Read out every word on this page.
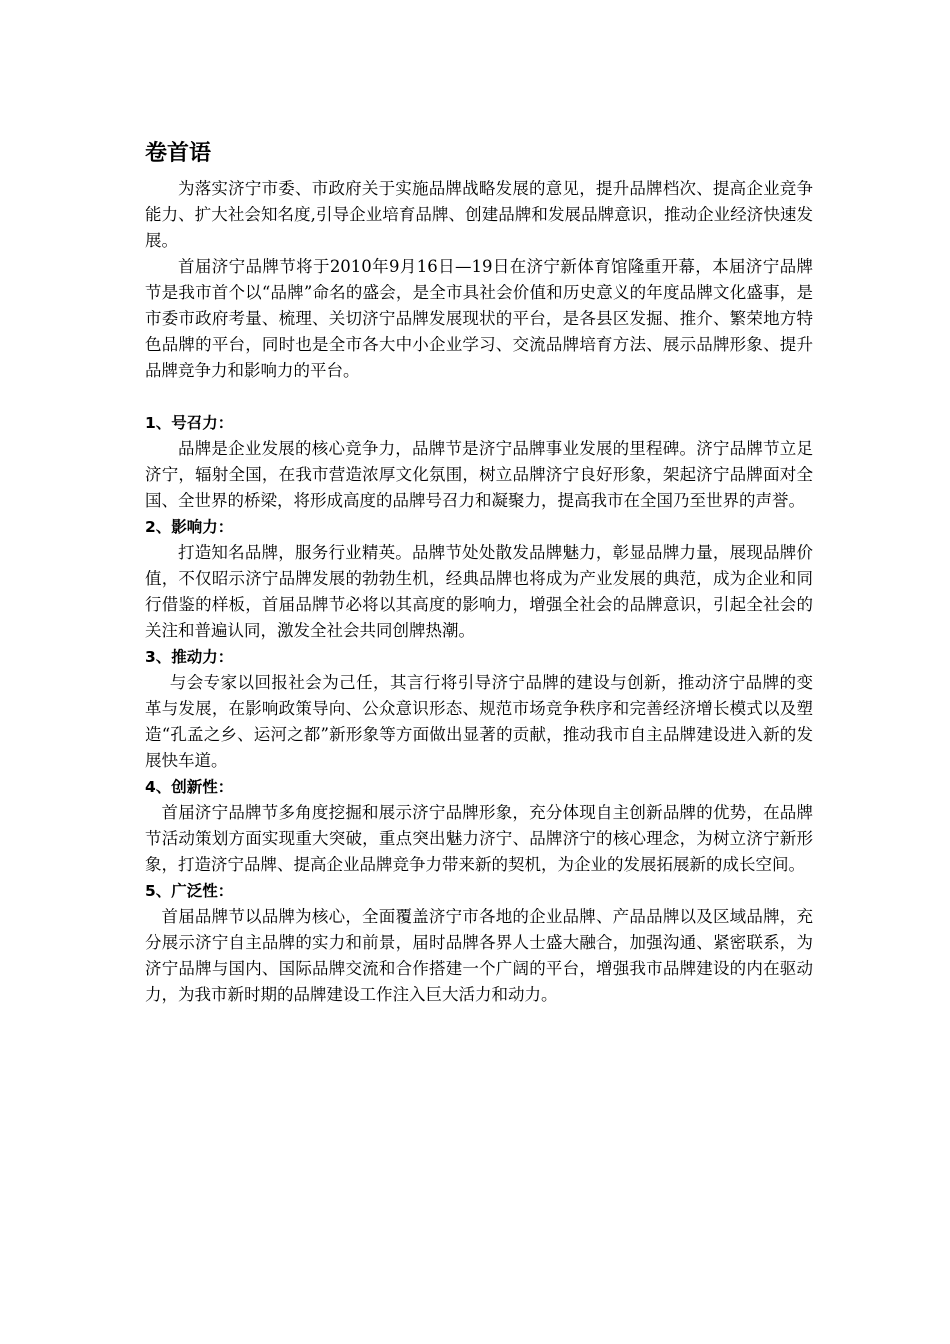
卷首语

为落实济宁市委、市政府关于实施品牌战略发展的意见，提升品牌档次、提高企业竞争能力、扩大社会知名度,引导企业培育品牌、创建品牌和发展品牌意识，推动企业经济快速发展。

首届济宁品牌节将于2010年9月16日—19日在济宁新体育馆隆重开幕，本届济宁品牌节是我市首个以“品牌”命名的盛会，是全市具社会价值和历史意义的年度品牌文化盛事，是市委市政府考量、梳理、关切济宁品牌发展现状的平台，是各县区发掘、推介、繁荣地方特色品牌的平台，同时也是全市各大中小企业学习、交流品牌培育方法、展示品牌形象、提升品牌竞争力和影响力的平台。

1、号召力：

品牌是企业发展的核心竞争力，品牌节是济宁品牌事业发展的里程碑。济宁品牌节立足济宁，辐射全国，在我市营造浓厚文化氛围，树立品牌济宁良好形象，架起济宁品牌面对全国、全世界的桥梁，将形成高度的品牌号召力和凝聚力，提高我市在全国乃至世界的声誉。

2、影响力：

打造知名品牌，服务行业精英。品牌节处处散发品牌魅力，彰显品牌力量，展现品牌价值，不仅昭示济宁品牌发展的勃勃生机，经典品牌也将成为产业发展的典范，成为企业和同行借鉴的样板，首届品牌节必将以其高度的影响力，增强全社会的品牌意识，引起全社会的关注和普遍认同，激发全社会共同创牌热潮。

3、推动力：

与会专家以回报社会为己任，其言行将引导济宁品牌的建设与创新，推动济宁品牌的变革与发展，在影响政策导向、公众意识形态、规范市场竞争秩序和完善经济增长模式以及塑造“孔孟之乡、运河之都”新形象等方面做出显著的贡献，推动我市自主品牌建设进入新的发展快车道。

4、创新性：

首届济宁品牌节多角度挖掘和展示济宁品牌形象，充分体现自主创新品牌的优势，在品牌节活动策划方面实现重大突破，重点突出魅力济宁、品牌济宁的核心理念，为树立济宁新形象，打造济宁品牌、提高企业品牌竞争力带来新的契机，为企业的发展拓展新的成长空间。

5、广泛性：

首届品牌节以品牌为核心，全面覆盖济宁市各地的企业品牌、产品品牌以及区域品牌，充分展示济宁自主品牌的实力和前景，届时品牌各界人士盛大融合，加强沟通、紧密联系，为济宁品牌与国内、国际品牌交流和合作搭建一个广阔的平台，增强我市品牌建设的内在驱动力，为我市新时期的品牌建设工作注入巨大活力和动力。
